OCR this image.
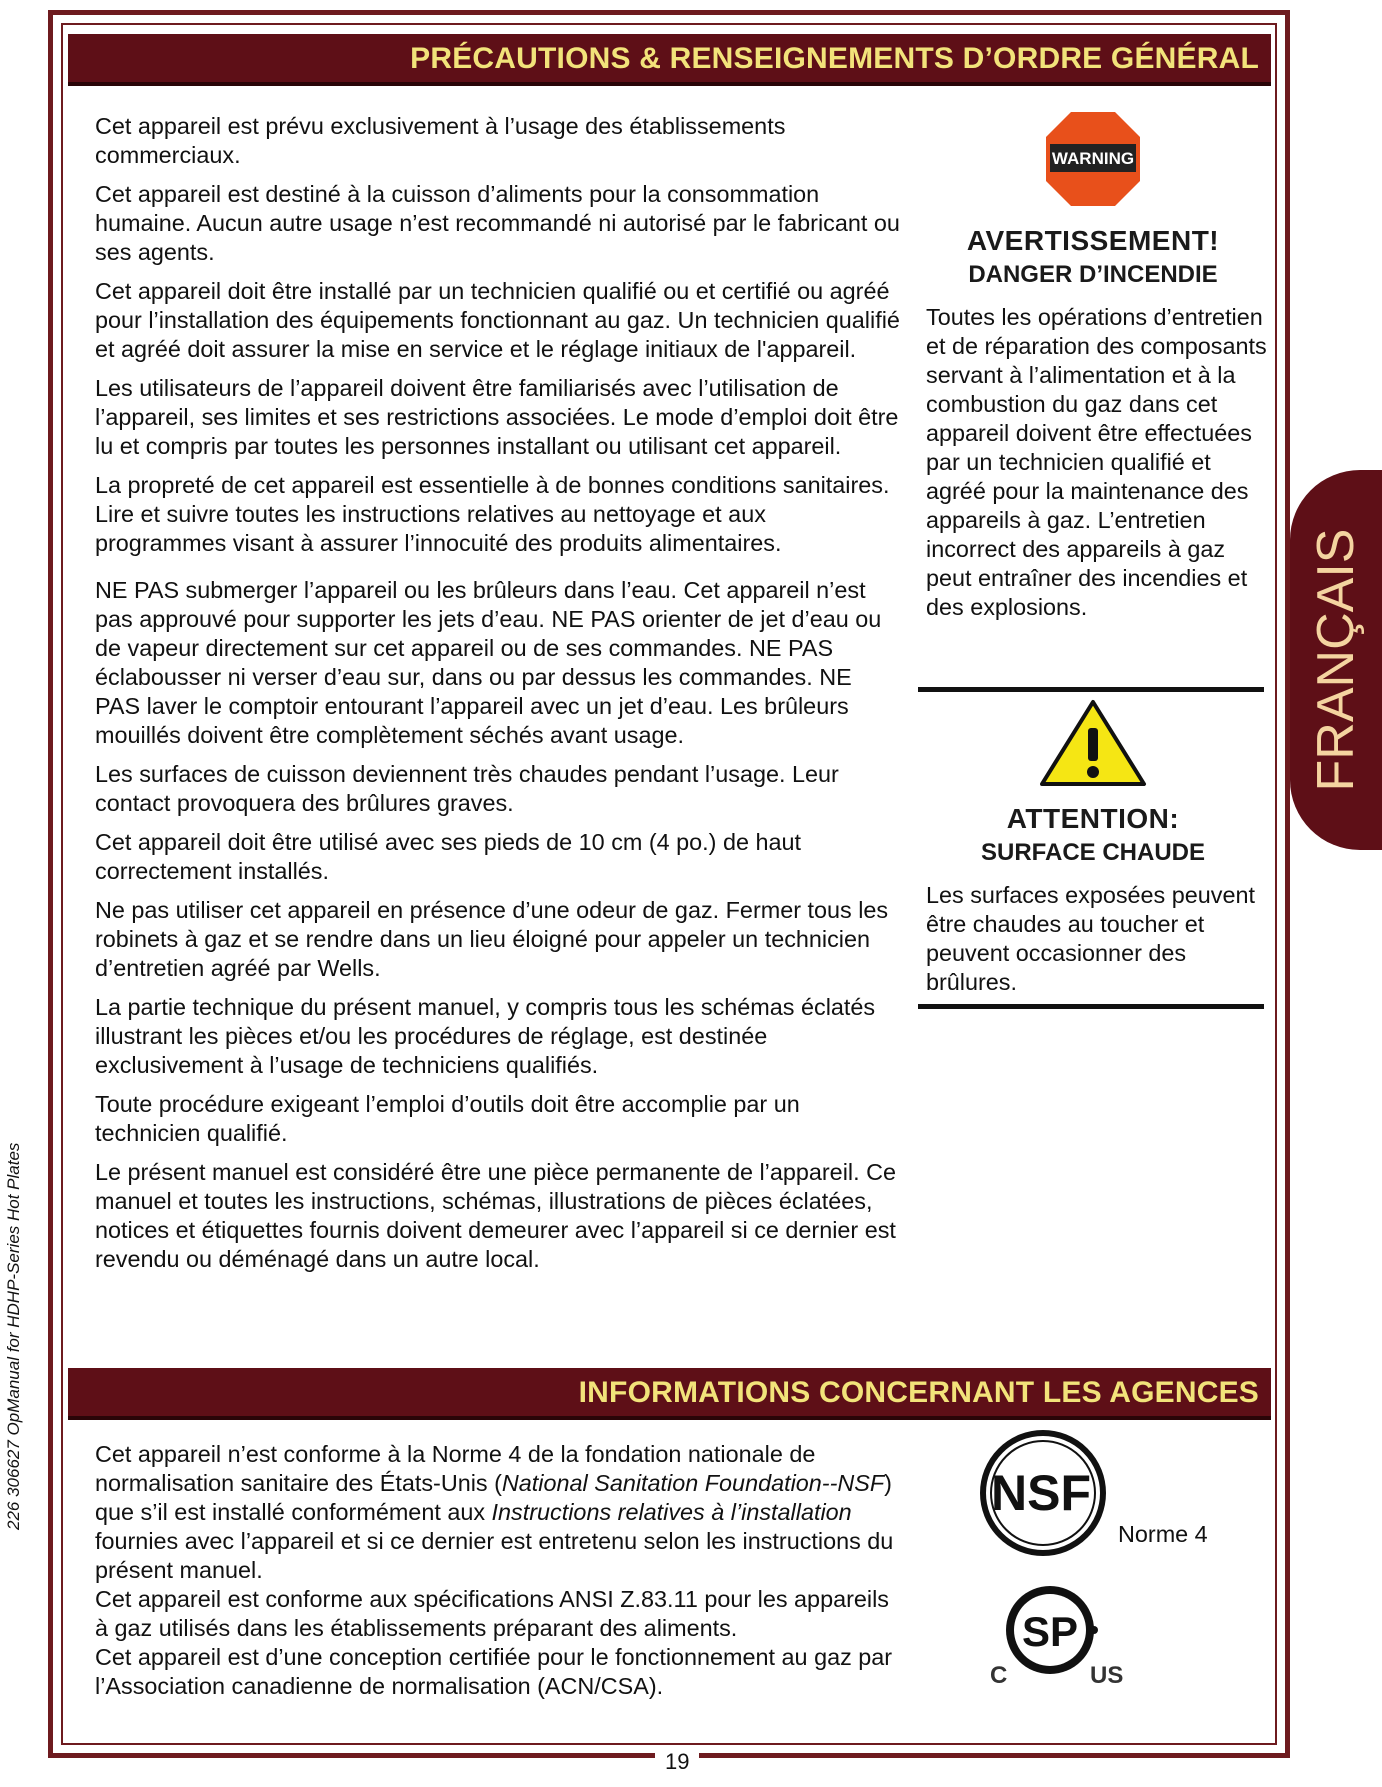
PRÉCAUTIONS & RENSEIGNEMENTS D’ORDRE GÉNÉRAL

Cet appareil est prévu exclusivement à l’usage des établissements commerciaux.

Cet appareil est destiné à la cuisson d’aliments pour la consommation humaine. Aucun autre usage n’est recommandé ni autorisé par le fabricant ou ses agents.

Cet appareil doit être installé par un technicien qualifié ou et certifié ou agréé pour l’installation des équipements fonctionnant au gaz. Un technicien qualifié et agréé doit assurer la mise en service et le réglage initiaux de l'appareil.

Les utilisateurs de l’appareil doivent être familiarisés avec l’utilisation de l’appareil, ses limites et ses restrictions associées. Le mode d’emploi doit être lu et compris par toutes les personnes installant ou utilisant cet appareil.

La propreté de cet appareil est essentielle à de bonnes conditions sanitaires. Lire et suivre toutes les instructions relatives au nettoyage et aux programmes visant à assurer l’innocuité des produits alimentaires.

NE PAS submerger l’appareil ou les brûleurs dans l’eau. Cet appareil n’est pas approuvé pour supporter les jets d’eau. NE PAS orienter de jet d’eau ou de vapeur directement sur cet appareil ou de ses commandes. NE PAS éclabousser ni verser d’eau sur, dans ou par dessus les commandes. NE PAS laver le comptoir entourant l’appareil avec un jet d’eau. Les brûleurs mouillés doivent être complètement séchés avant usage.

Les surfaces de cuisson deviennent très chaudes pendant l’usage. Leur contact provoquera des brûlures graves.

Cet appareil doit être utilisé avec ses pieds de 10 cm (4 po.) de haut correctement installés.

Ne pas utiliser cet appareil en présence d’une odeur de gaz. Fermer tous les robinets à gaz et se rendre dans un lieu éloigné pour appeler un technicien d’entretien agréé par Wells.

La partie technique du présent manuel, y compris tous les schémas éclatés illustrant les pièces et/ou les procédures de réglage, est destinée exclusivement à l’usage de techniciens qualifiés.

Toute procédure exigeant l’emploi d’outils doit être accomplie par un technicien qualifié.

Le présent manuel est considéré être une pièce permanente de l’appareil. Ce manuel et toutes les instructions, schémas, illustrations de pièces éclatées, notices et étiquettes fournis doivent demeurer avec l’appareil si ce dernier est revendu ou déménagé dans un autre local.

WARNING
AVERTISSEMENT!
DANGER D’INCENDIE

Toutes les opérations d’entretien et de réparation des composants servant à l’alimentation et à la combustion du gaz dans cet appareil doivent être effectuées par un technicien qualifié et agréé pour la maintenance des appareils à gaz. L’entretien incorrect des appareils à gaz peut entraîner des incendies et des explosions.

ATTENTION:
SURFACE CHAUDE

Les surfaces exposées peuvent être chaudes au toucher et peuvent occasionner des brûlures.

FRANÇAIS
226 306627 OpManual for HDHP-Series Hot Plates	INFORMATIONS CONCERNANT LES AGENCES

Cet appareil n’est conforme à la Norme 4 de la fondation nationale de normalisation sanitaire des États-Unis (National Sanitation Foundation--NSF) que s’il est installé conformément aux Instructions relatives à l’installation fournies avec l’appareil et si ce dernier est entretenu selon les instructions du présent manuel.

Cet appareil est conforme aux spécifications ANSI Z.83.11 pour les appareils à gaz utilisés dans les établissements préparant des aliments.

Cet appareil est d’une conception certifiée pour le fonctionnement au gaz par l’Association canadienne de normalisation (ACN/CSA).

NSF
Norme 4
SP
C	US
19
